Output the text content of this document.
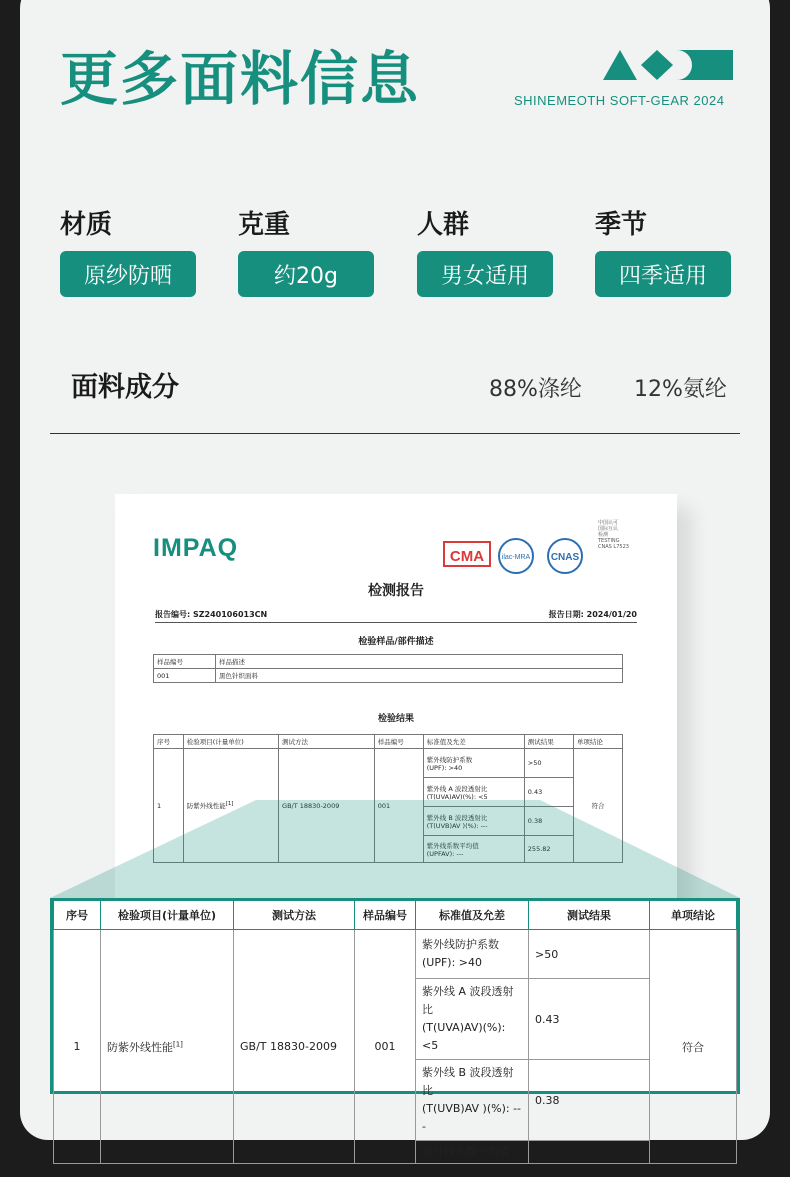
更多面料信息	SHINEMEOTH SOFT-GEAR 2024
材质
原纱防晒
克重
约20g
人群
男女适用
季节
四季适用
面料成分	88%涤纶 12%氨纶
IMPAQ	CMA	ilac-MRA CNAS
中国认可
国际互认
检测
TESTING
CNAS L7523
检测报告
报告编号: SZ240106013CN	报告日期: 2024/01/20
检验样品/部件描述
样品编号	样品描述
001	黑色针织面料
检验结果
序号	检验项目(计量单位)	测试方法	样品编号	标准值及允差	测试结果	单项结论
1	防紫外线性能[1]	GB/T 18830-2009	001	紫外线防护系数
(UPF): >40	>50	符合

				紫外线 A 波段透射比
(T(UVA)AV)(%): <5	0.43	

				紫外线 B 波段透射比
(T(UVB)AV )(%): ---	0.38	

				紫外线系数平均值
(UPFAV): ---	255.82	
序号	检验项目(计量单位)	测试方法	样品编号	标准值及允差	测试结果	单项结论
1	防紫外线性能[1]	GB/T 18830-2009	001	紫外线防护系数
(UPF): >40	>50	符合

				紫外线 A 波段透射比
(T(UVA)AV)(%): <5	0.43	

				紫外线 B 波段透射比
(T(UVB)AV )(%): ---	0.38	

				紫外线系数平均值		
